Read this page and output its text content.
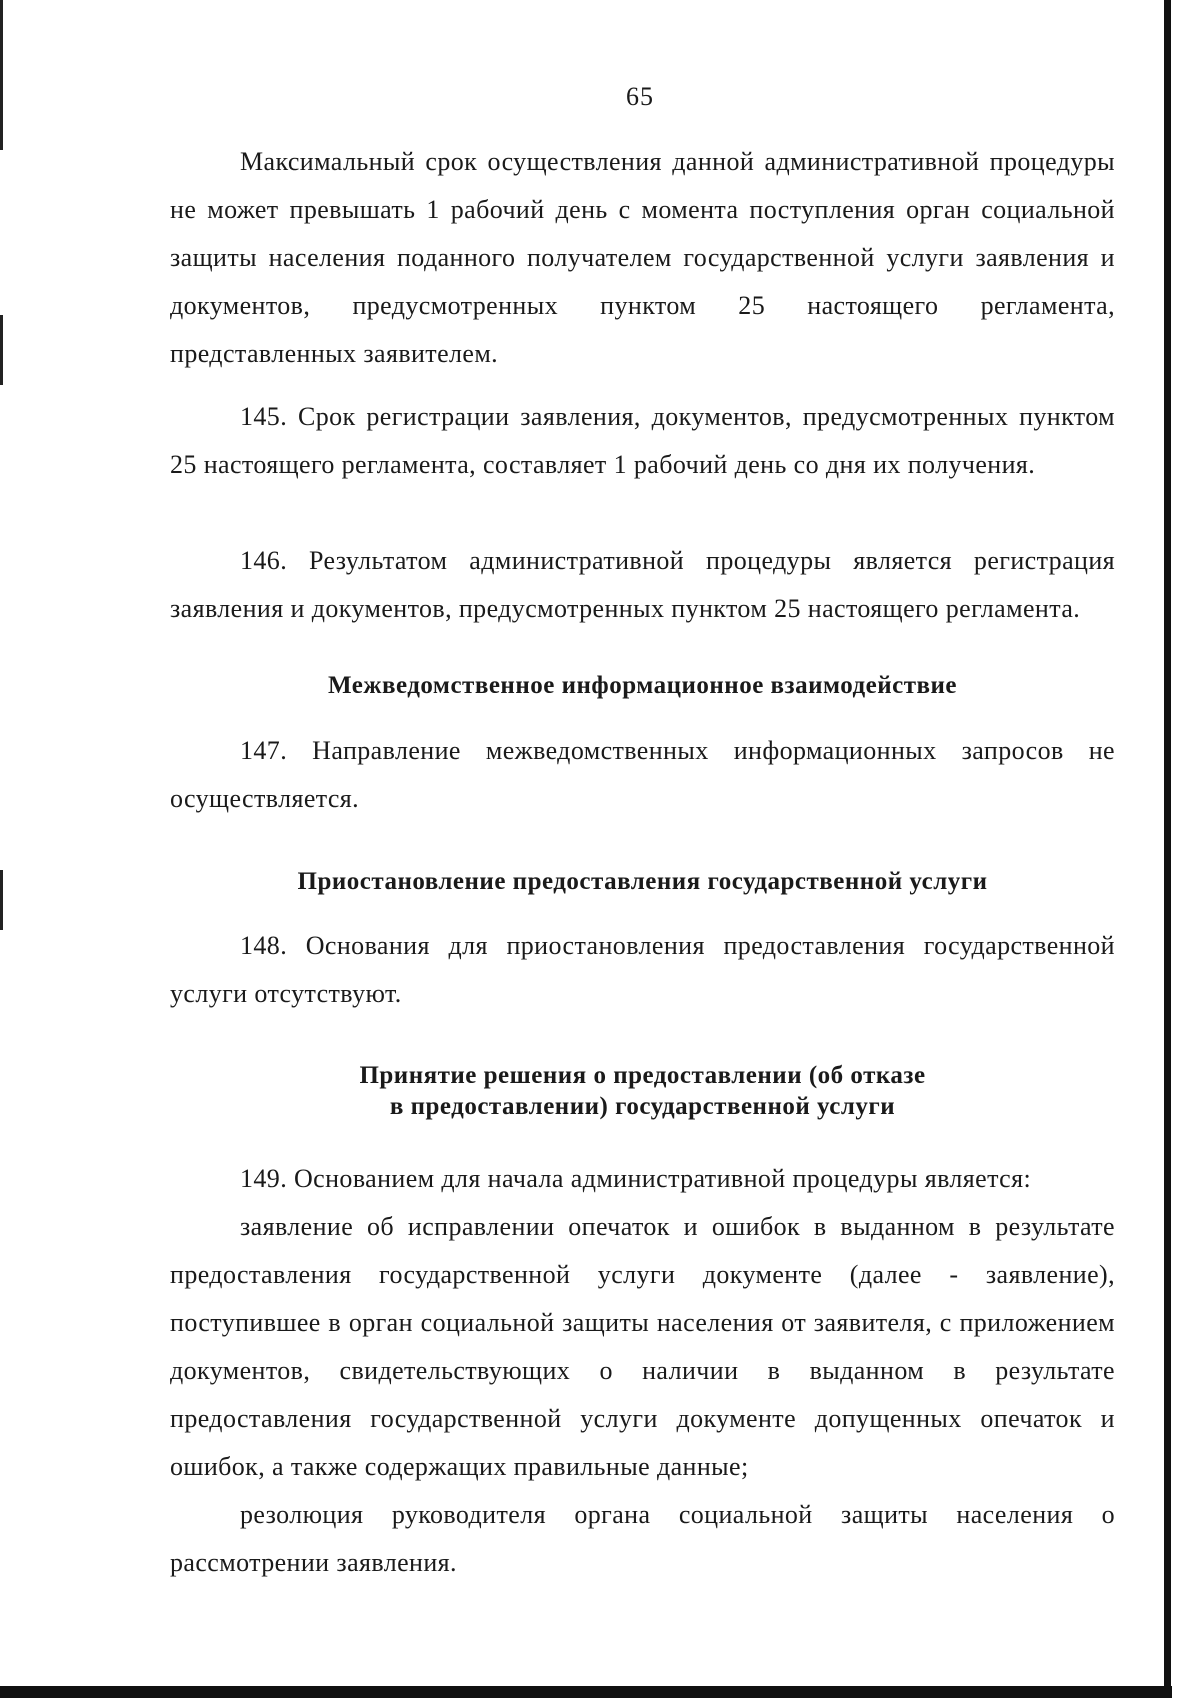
65

Максимальный срок осуществления данной административной процедуры не может превышать 1 рабочий день с момента поступления орган социальной защиты населения поданного получателем государственной услуги заявления и документов, предусмотренных пунктом 25 настоящего регламента, представленных заявителем.

145. Срок регистрации заявления, документов, предусмотренных пунктом 25 настоящего регламента, составляет 1 рабочий день со дня их получения.

146. Результатом административной процедуры является регистрация заявления и документов, предусмотренных пунктом 25 настоящего регламента.

Межведомственное информационное взаимодействие

147. Направление межведомственных информационных запросов не осуществляется.

Приостановление предоставления государственной услуги

148. Основания для приостановления предоставления государственной услуги отсутствуют.

Принятие решения о предоставлении (об отказе
в предоставлении) государственной услуги

149. Основанием для начала административной процедуры является:

заявление об исправлении опечаток и ошибок в выданном в результате предоставления государственной услуги документе (далее - заявление), поступившее в орган социальной защиты населения от заявителя, с приложением документов, свидетельствующих о наличии в выданном в результате предоставления государственной услуги документе допущенных опечаток и ошибок, а также содержащих правильные данные;

резолюция руководителя органа социальной защиты населения о рассмотрении заявления.
